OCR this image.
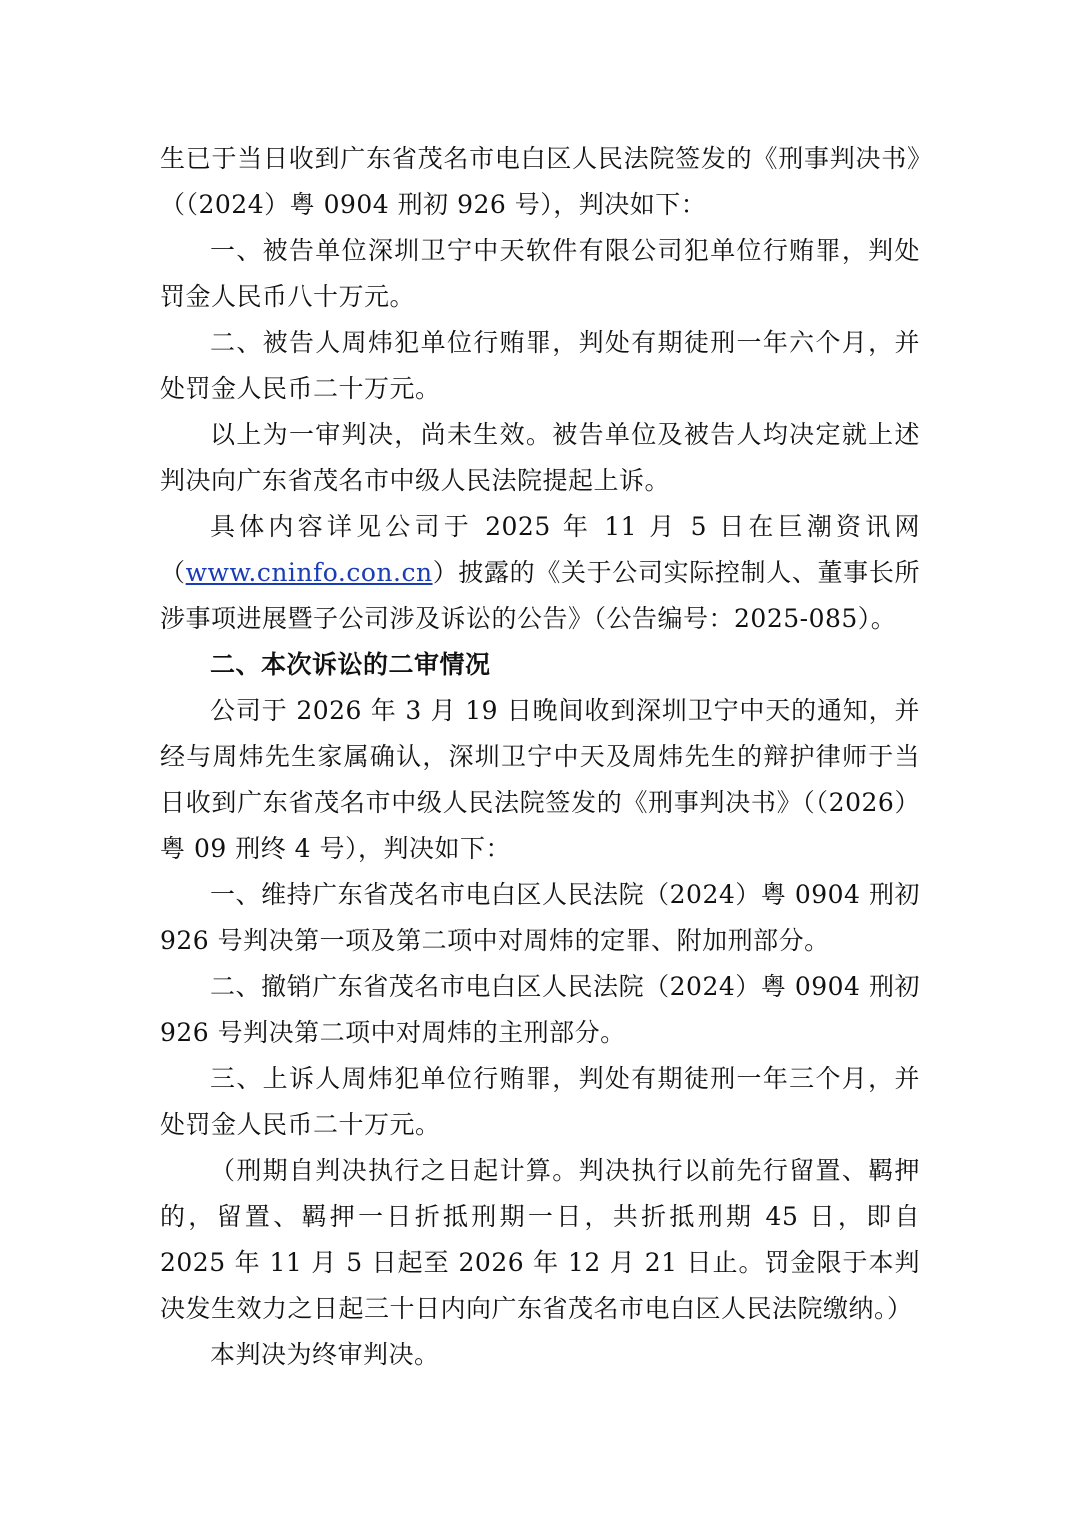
生已于当日收到广东省茂名市电白区人民法院签发的《刑事判决书》（（2024）粤 0904 刑初 926 号），判决如下：

一、被告单位深圳卫宁中天软件有限公司犯单位行贿罪，判处罚金人民币八十万元。

二、被告人周炜犯单位行贿罪，判处有期徒刑一年六个月，并处罚金人民币二十万元。

以上为一审判决，尚未生效。被告单位及被告人均决定就上述判决向广东省茂名市中级人民法院提起上诉。

具体内容详见公司于 2025 年 11 月 5 日在巨潮资讯网（www.cninfo.con.cn）披露的《关于公司实际控制人、董事长所涉事项进展暨子公司涉及诉讼的公告》（公告编号：2025-085）。

二、本次诉讼的二审情况

公司于 2026 年 3 月 19 日晚间收到深圳卫宁中天的通知，并经与周炜先生家属确认，深圳卫宁中天及周炜先生的辩护律师于当日收到广东省茂名市中级人民法院签发的《刑事判决书》（（2026）粤 09 刑终 4 号），判决如下：

一、维持广东省茂名市电白区人民法院（2024）粤 0904 刑初 926 号判决第一项及第二项中对周炜的定罪、附加刑部分。

二、撤销广东省茂名市电白区人民法院（2024）粤 0904 刑初 926 号判决第二项中对周炜的主刑部分。

三、上诉人周炜犯单位行贿罪，判处有期徒刑一年三个月，并处罚金人民币二十万元。

（刑期自判决执行之日起计算。判决执行以前先行留置、羁押的，留置、羁押一日折抵刑期一日，共折抵刑期 45 日，即自 2025 年 11 月 5 日起至 2026 年 12 月 21 日止。罚金限于本判决发生效力之日起三十日内向广东省茂名市电白区人民法院缴纳。）

本判决为终审判决。
